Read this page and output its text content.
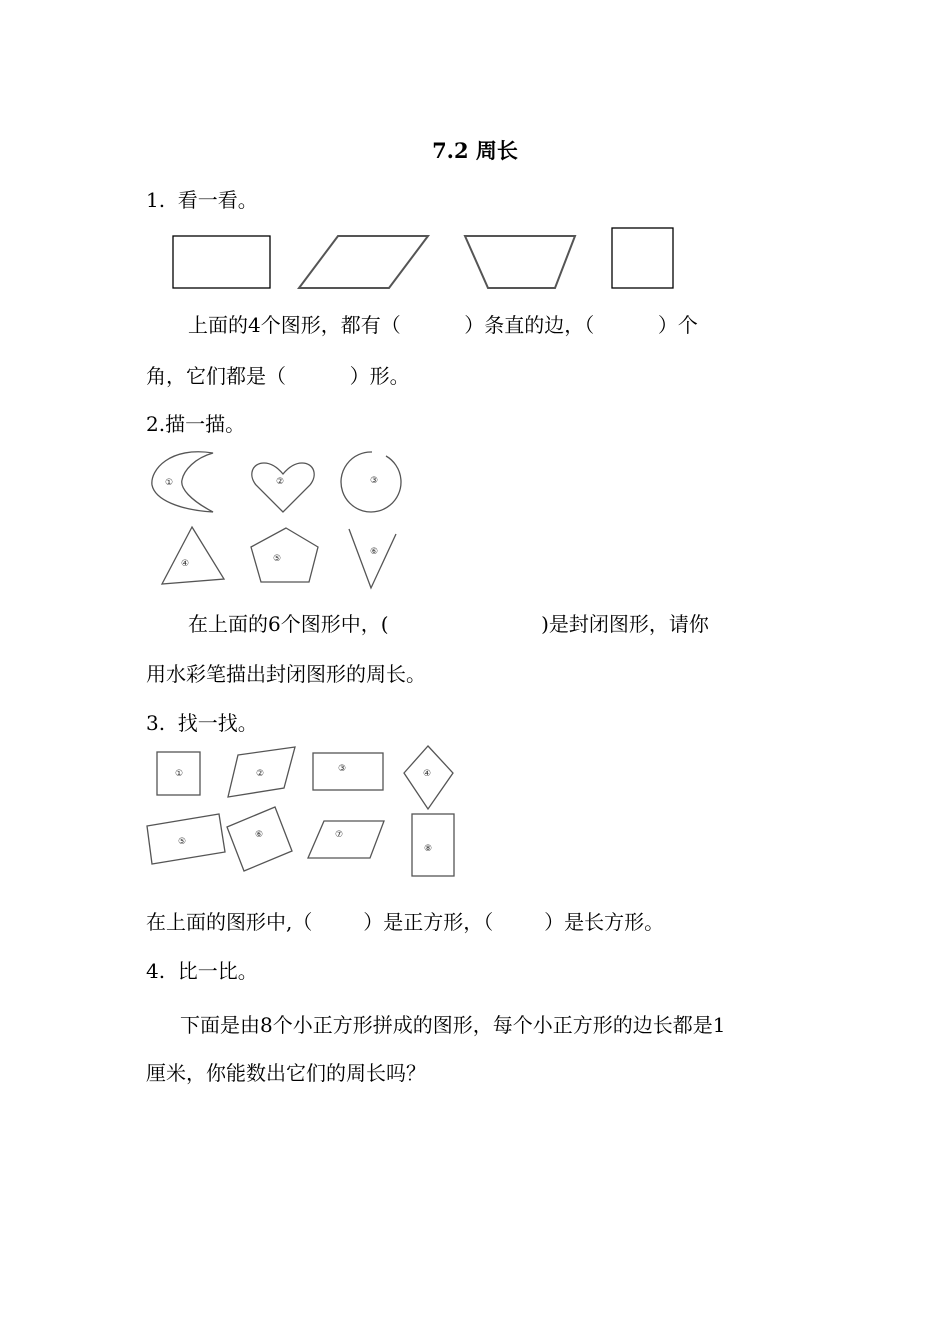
7.2 周长
1.  看一看。
上面的4个图形，都有（          ）条直的边，（          ）个
角，它们都是（          ）形。
2.描一描。
①	②	③
④	⑤
⑥
在上面的6个图形中，(                        )是封闭图形，请你
用水彩笔描出封闭图形的周长。
3.  找一找。
①	②	③	④
⑤
⑥	⑦
⑧
在上面的图形中,（        ）是正方形，（        ）是长方形。
4.  比一比。
下面是由8个小正方形拼成的图形，每个小正方形的边长都是1
厘米，你能数出它们的周长吗？
